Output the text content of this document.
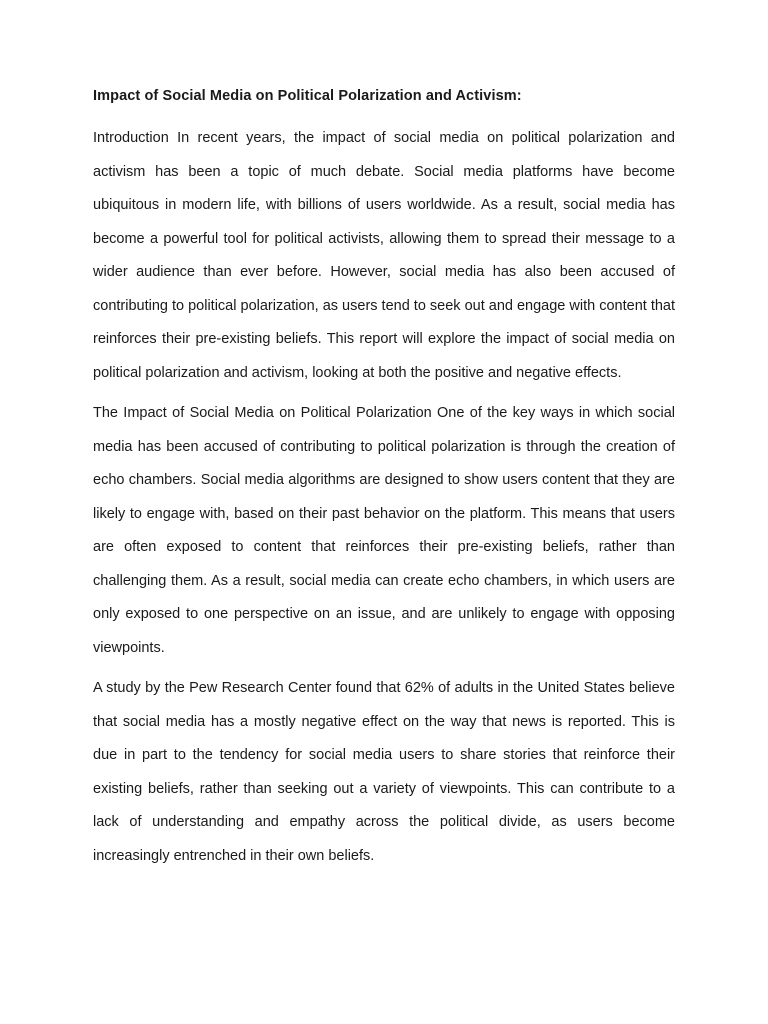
Impact of Social Media on Political Polarization and Activism:

Introduction In recent years, the impact of social media on political polarization and activism has been a topic of much debate. Social media platforms have become ubiquitous in modern life, with billions of users worldwide. As a result, social media has become a powerful tool for political activists, allowing them to spread their message to a wider audience than ever before. However, social media has also been accused of contributing to political polarization, as users tend to seek out and engage with content that reinforces their pre-existing beliefs. This report will explore the impact of social media on political polarization and activism, looking at both the positive and negative effects.

The Impact of Social Media on Political Polarization One of the key ways in which social media has been accused of contributing to political polarization is through the creation of echo chambers. Social media algorithms are designed to show users content that they are likely to engage with, based on their past behavior on the platform. This means that users are often exposed to content that reinforces their pre-existing beliefs, rather than challenging them. As a result, social media can create echo chambers, in which users are only exposed to one perspective on an issue, and are unlikely to engage with opposing viewpoints.

A study by the Pew Research Center found that 62% of adults in the United States believe that social media has a mostly negative effect on the way that news is reported. This is due in part to the tendency for social media users to share stories that reinforce their existing beliefs, rather than seeking out a variety of viewpoints. This can contribute to a lack of understanding and empathy across the political divide, as users become increasingly entrenched in their own beliefs.
